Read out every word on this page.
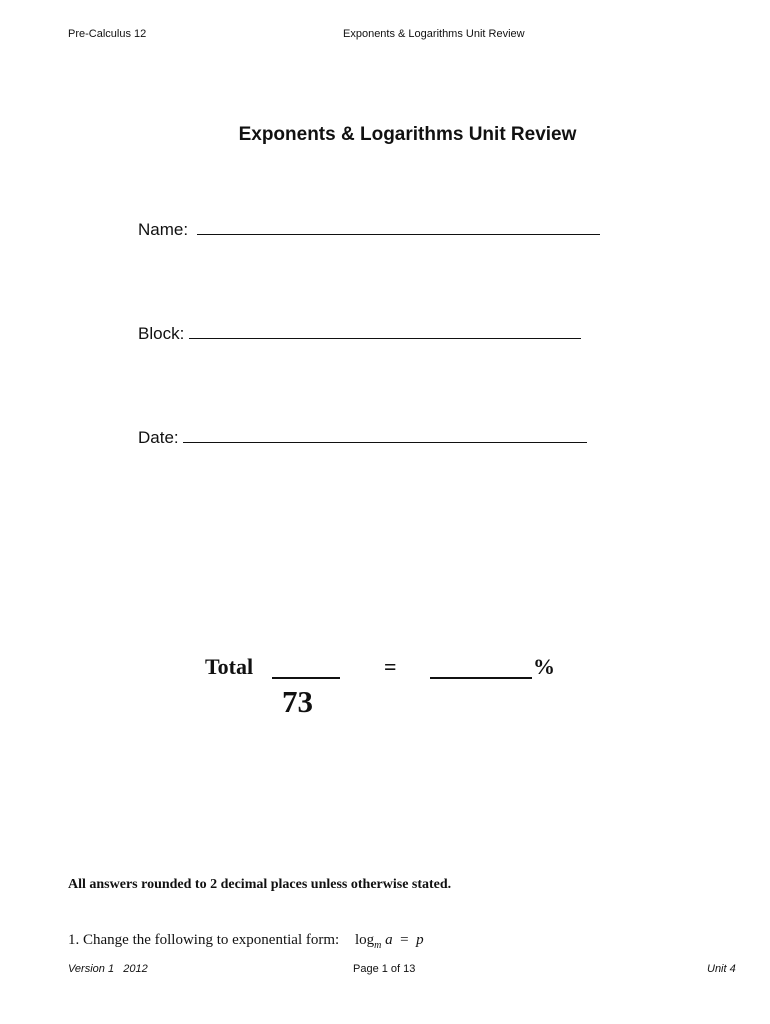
Pre-Calculus 12	Exponents & Logarithms Unit Review
Exponents & Logarithms Unit Review
Name:
Block:
Date:
Total	=	%
73
All answers rounded to 2 decimal places unless otherwise stated.
1. Change the following to exponential form: $\log_m a = p$
Version 1   2012	Page 1 of 13	Unit 4
